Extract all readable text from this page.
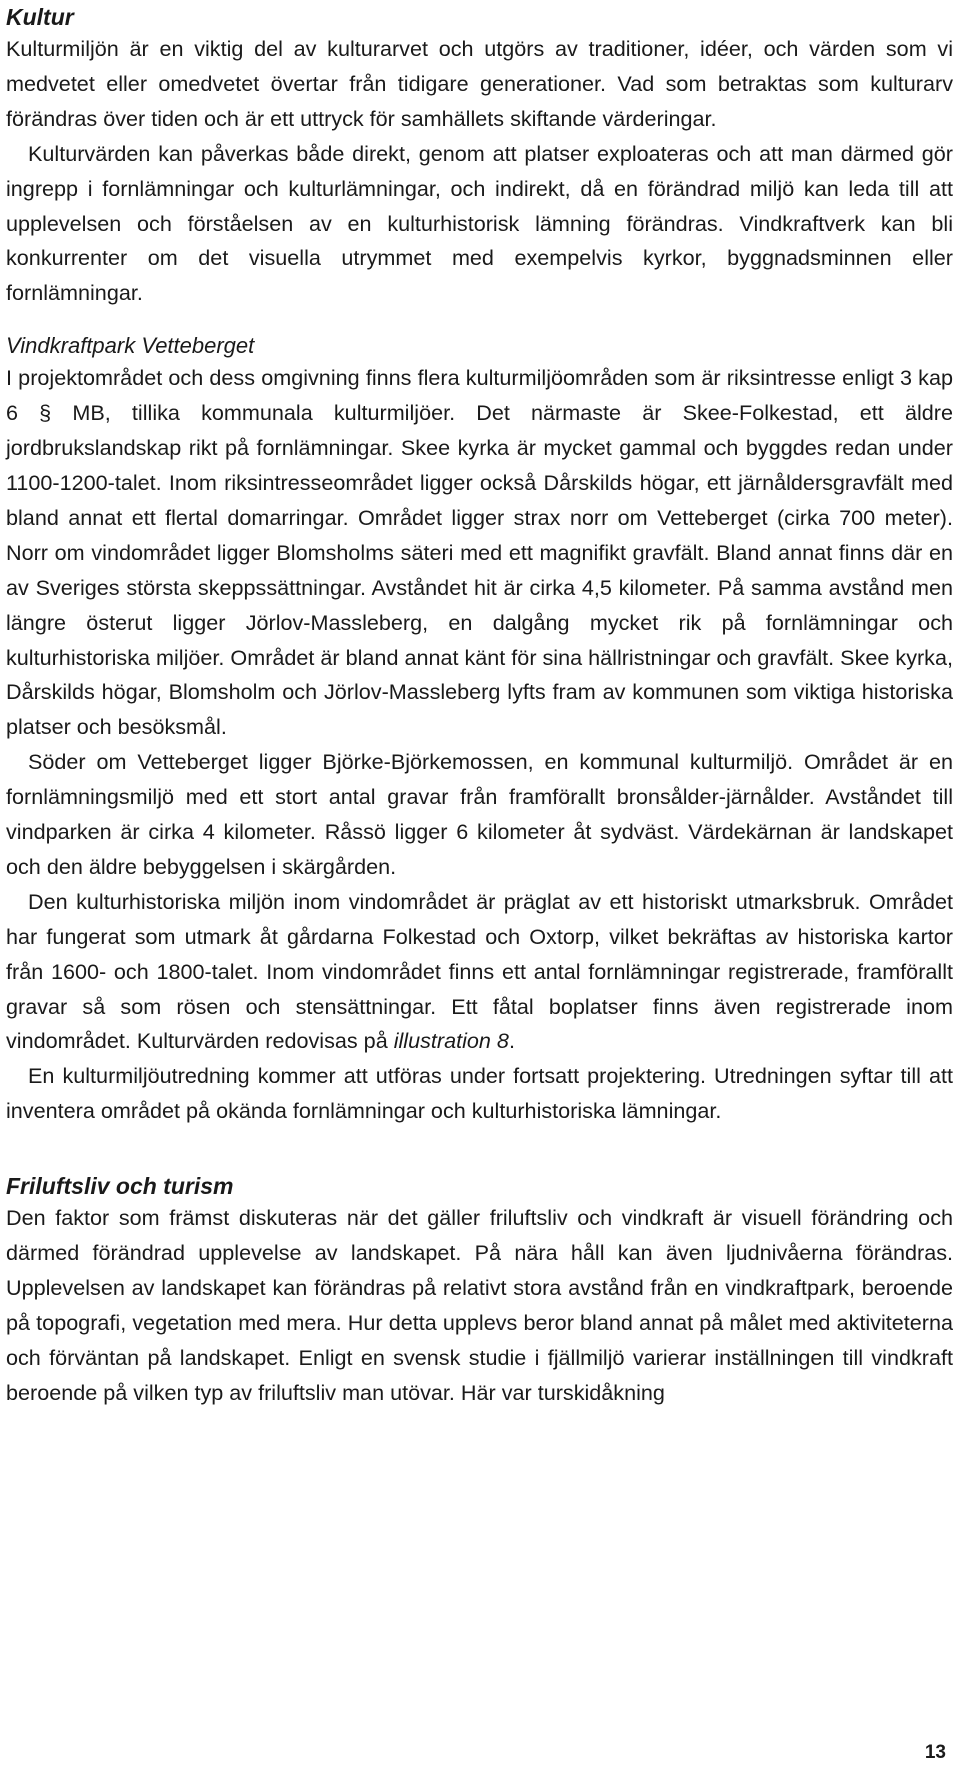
Kultur

Kulturmiljön är en viktig del av kulturarvet och utgörs av traditioner, idéer, och värden som vi medvetet eller omedvetet övertar från tidigare generationer. Vad som betraktas som kulturarv förändras över tiden och är ett uttryck för samhällets skiftande värderingar.

Kulturvärden kan påverkas både direkt, genom att platser exploateras och att man därmed gör ingrepp i fornlämningar och kulturlämningar, och indirekt, då en förändrad miljö kan leda till att upplevelsen och förståelsen av en kulturhistorisk lämning förändras. Vindkraftverk kan bli konkurrenter om det visuella utrymmet med exempelvis kyrkor, byggnadsminnen eller fornlämningar.

Vindkraftpark Vetteberget

I projektområdet och dess omgivning finns flera kulturmiljöområden som är riksintresse enligt 3 kap 6 § MB, tillika kommunala kulturmiljöer. Det närmaste är Skee-Folkestad, ett äldre jordbrukslandskap rikt på fornlämningar. Skee kyrka är mycket gammal och byggdes redan under 1100-1200-talet. Inom riksintresseområdet ligger också Dårskilds högar, ett järnåldersgravfält med bland annat ett flertal domarringar. Området ligger strax norr om Vetteberget (cirka 700 meter). Norr om vindområdet ligger Blomsholms säteri med ett magnifikt gravfält. Bland annat finns där en av Sveriges största skeppssättningar. Avståndet hit är cirka 4,5 kilometer. På samma avstånd men längre österut ligger Jörlov-Massleberg, en dalgång mycket rik på fornlämningar och kulturhistoriska miljöer. Området är bland annat känt för sina hällristningar och gravfält. Skee kyrka, Dårskilds högar, Blomsholm och Jörlov-Massleberg lyfts fram av kommunen som viktiga historiska platser och besöksmål.

Söder om Vetteberget ligger Björke-Björkemossen, en kommunal kulturmiljö. Området är en fornlämningsmiljö med ett stort antal gravar från framförallt bronsålder-järnålder. Avståndet till vindparken är cirka 4 kilometer. Råssö ligger 6 kilometer åt sydväst. Värdekärnan är landskapet och den äldre bebyggelsen i skärgården.

Den kulturhistoriska miljön inom vindområdet är präglat av ett historiskt utmarksbruk. Området har fungerat som utmark åt gårdarna Folkestad och Oxtorp, vilket bekräftas av historiska kartor från 1600- och 1800-talet. Inom vindområdet finns ett antal fornlämningar registrerade, framförallt gravar så som rösen och stensättningar. Ett fåtal boplatser finns även registrerade inom vindområdet. Kulturvärden redovisas på illustration 8.

En kulturmiljöutredning kommer att utföras under fortsatt projektering. Utredningen syftar till att inventera området på okända fornlämningar och kulturhistoriska lämningar.

Friluftsliv och turism

Den faktor som främst diskuteras när det gäller friluftsliv och vindkraft är visuell förändring och därmed förändrad upplevelse av landskapet. På nära håll kan även ljudnivåerna förändras. Upplevelsen av landskapet kan förändras på relativt stora avstånd från en vindkraftpark, beroende på topografi, vegetation med mera. Hur detta upplevs beror bland annat på målet med aktiviteterna och förväntan på landskapet. Enligt en svensk studie i fjällmiljö varierar inställningen till vindkraft beroende på vilken typ av friluftsliv man utövar. Här var turskidåkning

13
